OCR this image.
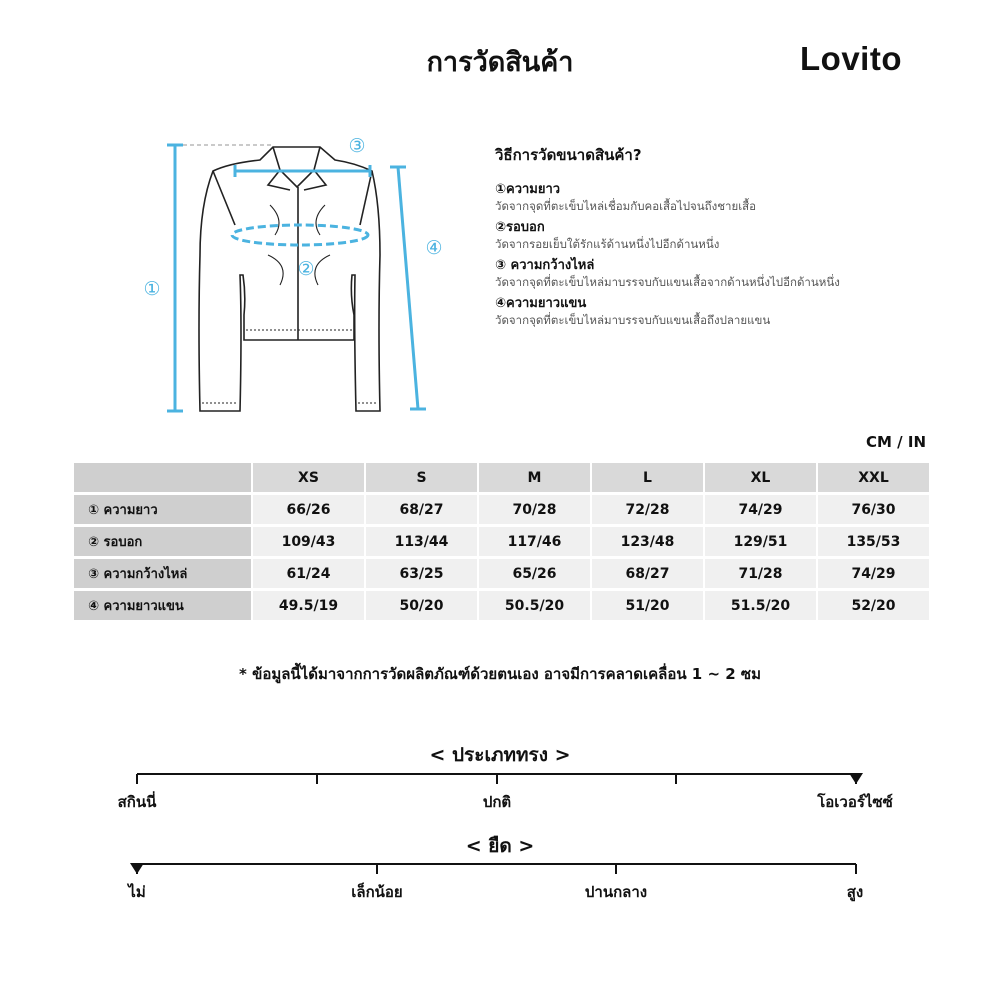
การวัดสินค้า	Lovito
①
③
④
②
วิธีการวัดขนาดสินค้า?
①ความยาว
วัดจากจุดที่ตะเข็บไหล่เชื่อมกับคอเสื้อไปจนถึงชายเสื้อ
②รอบอก
วัดจากรอยเย็บใต้รักแร้ด้านหนึ่งไปอีกด้านหนึ่ง
③ ความกว้างไหล่
วัดจากจุดที่ตะเข็บไหล่มาบรรจบกับแขนเสื้อจากด้านหนึ่งไปอีกด้านหนึ่ง
④ความยาวแขน
วัดจากจุดที่ตะเข็บไหล่มาบรรจบกับแขนเสื้อถึงปลายแขน
CM / IN
	XS	S	M	L	XL	XXL
① ความยาว	66/26	68/27	70/28	72/28	74/29	76/30
② รอบอก	109/43	113/44	117/46	123/48	129/51	135/53
③ ความกว้างไหล่	61/24	63/25	65/26	68/27	71/28	74/29
④ ความยาวแขน	49.5/19	50/20	50.5/20	51/20	51.5/20	52/20
* ข้อมูลนี้ได้มาจากการวัดผลิตภัณฑ์ด้วยตนเอง อาจมีการคลาดเคลื่อน 1 ~ 2 ซม
< ประเภททรง >
สกินนี่	ปกติ	โอเวอร์ไซซ์
< ยืด >
ไม่	เล็กน้อย	ปานกลาง	สูง
